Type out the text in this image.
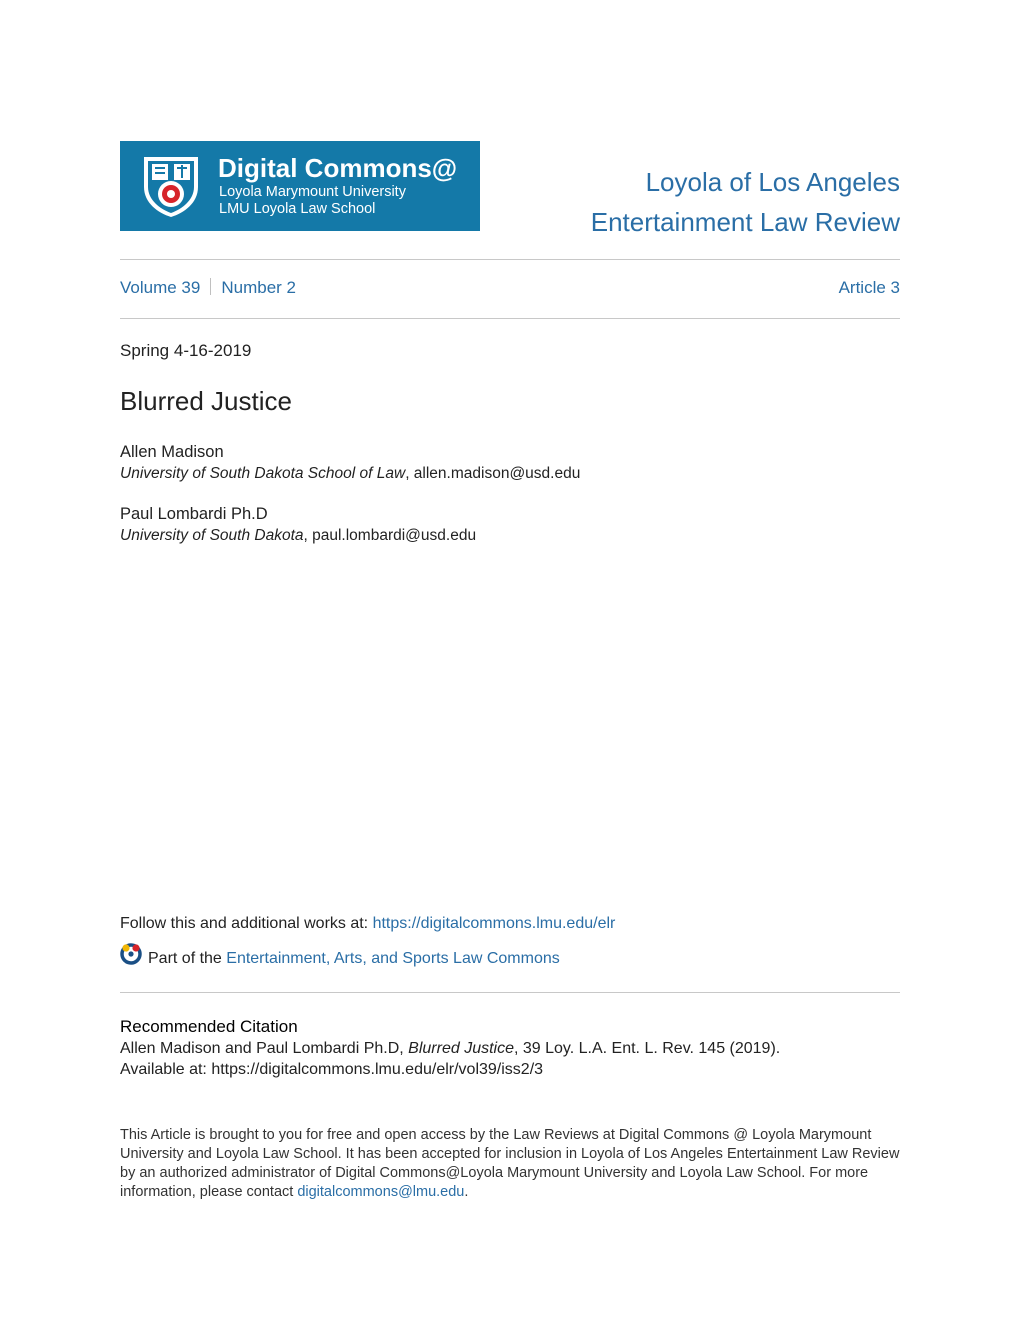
Digital Commons@
Loyola Marymount University
LMU Loyola Law School
Loyola of Los Angeles
Entertainment Law Review
Volume 39 Number 2	Article 3
Spring 4-16-2019
Blurred Justice
Allen Madison
University of South Dakota School of Law, allen.madison@usd.edu
Paul Lombardi Ph.D
University of South Dakota, paul.lombardi@usd.edu
Follow this and additional works at: https://digitalcommons.lmu.edu/elr
Part of the Entertainment, Arts, and Sports Law Commons
Recommended Citation
Allen Madison and Paul Lombardi Ph.D, Blurred Justice, 39 Loy. L.A. Ent. L. Rev. 145 (2019).
Available at: https://digitalcommons.lmu.edu/elr/vol39/iss2/3
This Article is brought to you for free and open access by the Law Reviews at Digital Commons @ Loyola Marymount University and Loyola Law School. It has been accepted for inclusion in Loyola of Los Angeles Entertainment Law Review by an authorized administrator of Digital Commons@Loyola Marymount University and Loyola Law School. For more information, please contact digitalcommons@lmu.edu.
